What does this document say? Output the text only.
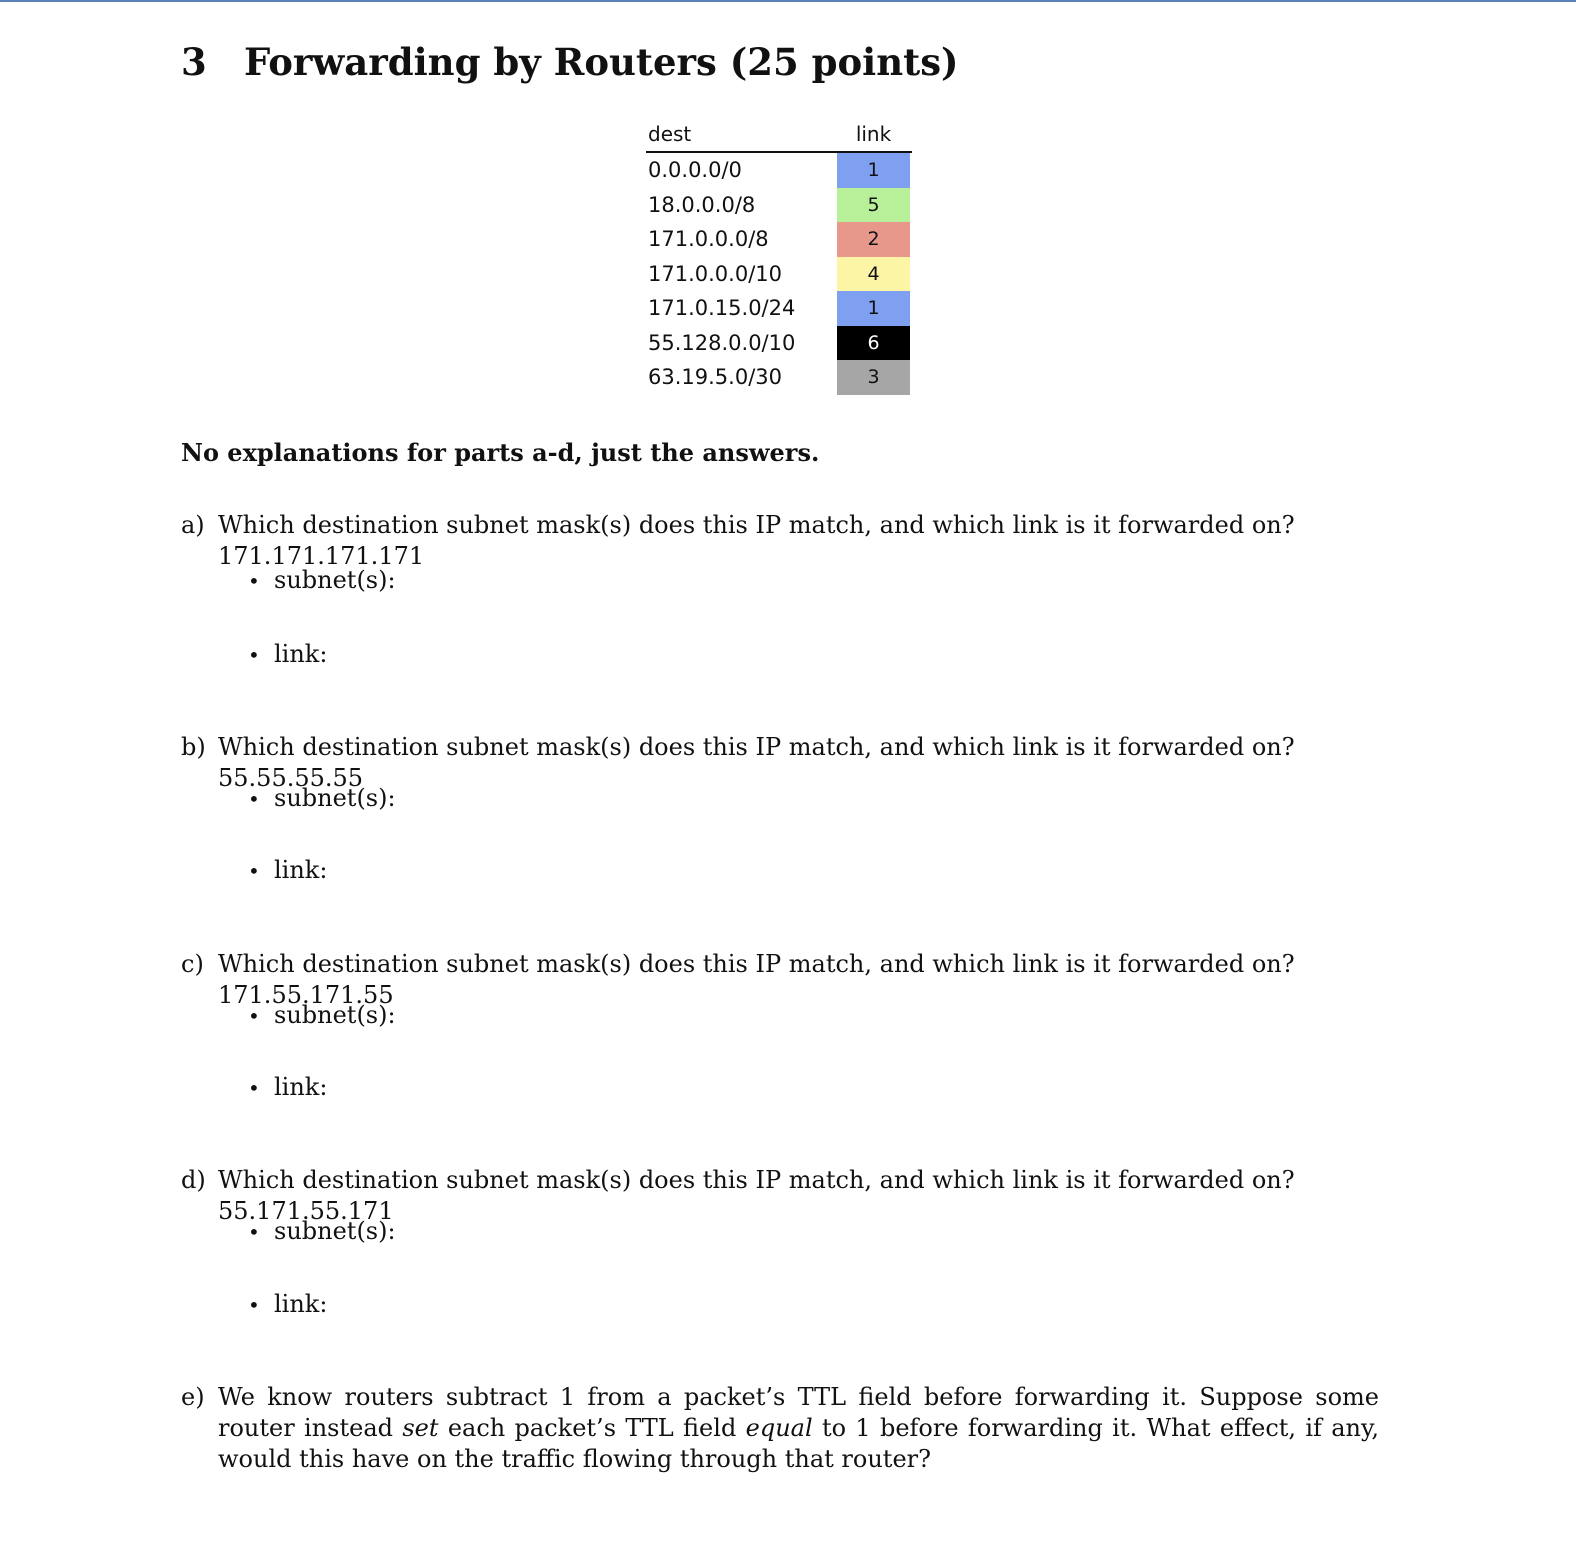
3 Forwarding by Routers (25 points)
dest	link
0.0.0.0/0	1
18.0.0.0/8	5
171.0.0.0/8	2
171.0.0.0/10	4
171.0.15.0/24	1
55.128.0.0/10	6
63.19.5.0/30	3
No explanations for parts a-d, just the answers.
a) Which destination subnet mask(s) does this IP match, and which link is it forwarded on? 171.171.171.171
• subnet(s):
• link:
b) Which destination subnet mask(s) does this IP match, and which link is it forwarded on? 55.55.55.55
• subnet(s):
• link:
c) Which destination subnet mask(s) does this IP match, and which link is it forwarded on? 171.55.171.55
• subnet(s):
• link:
d) Which destination subnet mask(s) does this IP match, and which link is it forwarded on? 55.171.55.171
• subnet(s):
• link:
e) We know routers subtract 1 from a packet’s TTL field before forwarding it. Suppose some router instead set each packet’s TTL field equal to 1 before forwarding it. What effect, if any, would this have on the traffic flowing through that router?
